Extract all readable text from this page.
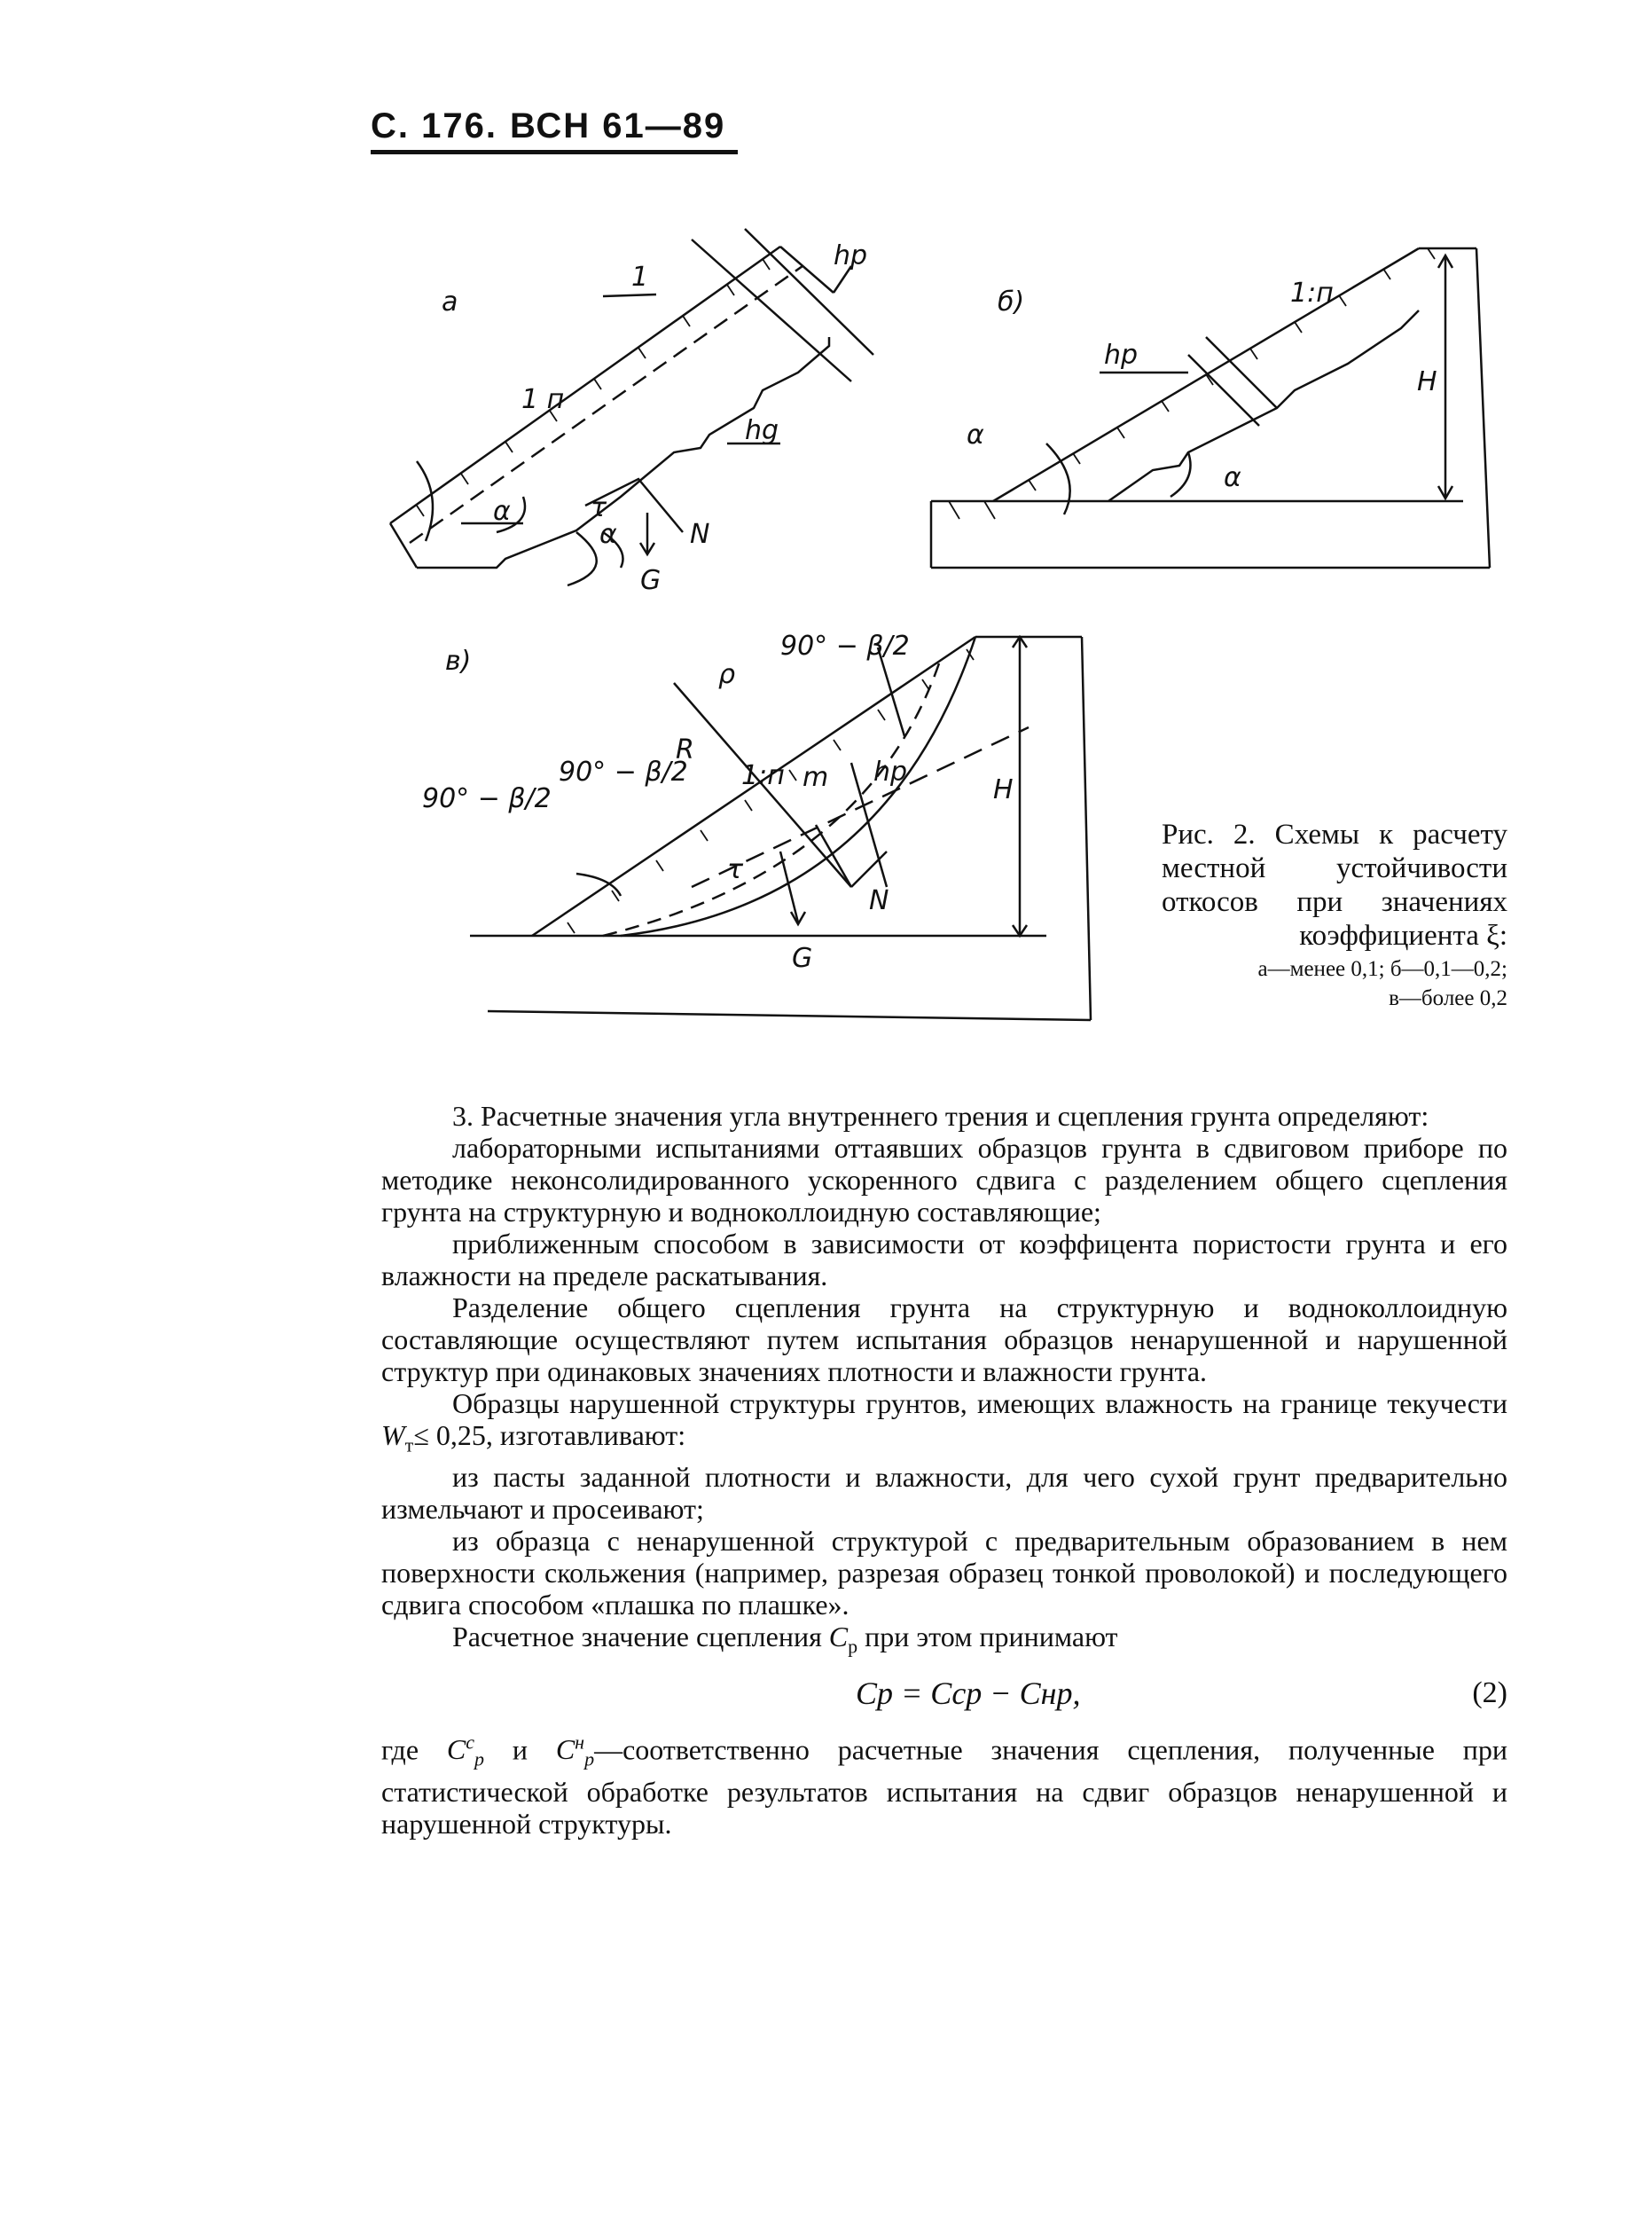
С. 176. ВСН 61—89
а
1
1 п
hp
hg
α
α
τ
N
G
б)	1:п
hp
Н
α
α
в)	90° − β/2
ρ
R
90° − β/2
90° − β/2
1:п m hp
τ
N
G
Н
Рис. 2. Схемы к расчету местной устойчивости откосов при значениях коэффициента ξ:
а—менее 0,1; б—0,1—0,2;
в—более 0,2

3. Расчетные значения угла внутреннего трения и сцепления грунта определяют:

лабораторными испытаниями оттаявших образцов грунта в сдвиговом приборе по методике неконсолидированного ускоренного сдвига с разделением общего сцепления грунта на структурную и водноколлоидную составляющие;

приближенным способом в зависимости от коэффицента пористости грунта и его влажности на пределе раскатывания.

Разделение общего сцепления грунта на структурную и водноколлоидную составляющие осуществляют путем испытания образцов ненарушенной и нарушенной структур при одинаковых значениях плотности и влажности грунта.

Образцы нарушенной структуры грунтов, имеющих влажность на границе текучести $W_т\le 0,25$, изготавливают:

из пасты заданной плотности и влажности, для чего сухой грунт предварительно измельчают и просеивают;

из образца с ненарушенной структурой с предварительным образованием в нем поверхности скольжения (например, разрезая образец тонкой проволокой) и последующего сдвига способом «плашка по плашке».

Расчетное значение сцепления $C_р$ при этом принимают

Cр = Cсp − Cнp,	(2)

где $C^с_р$ и $C^н_р—соответственно$ расчетные значения сцепления, полученные при статистической обработке результатов испытания на сдвиг образцов ненарушенной и нарушенной структуры.
